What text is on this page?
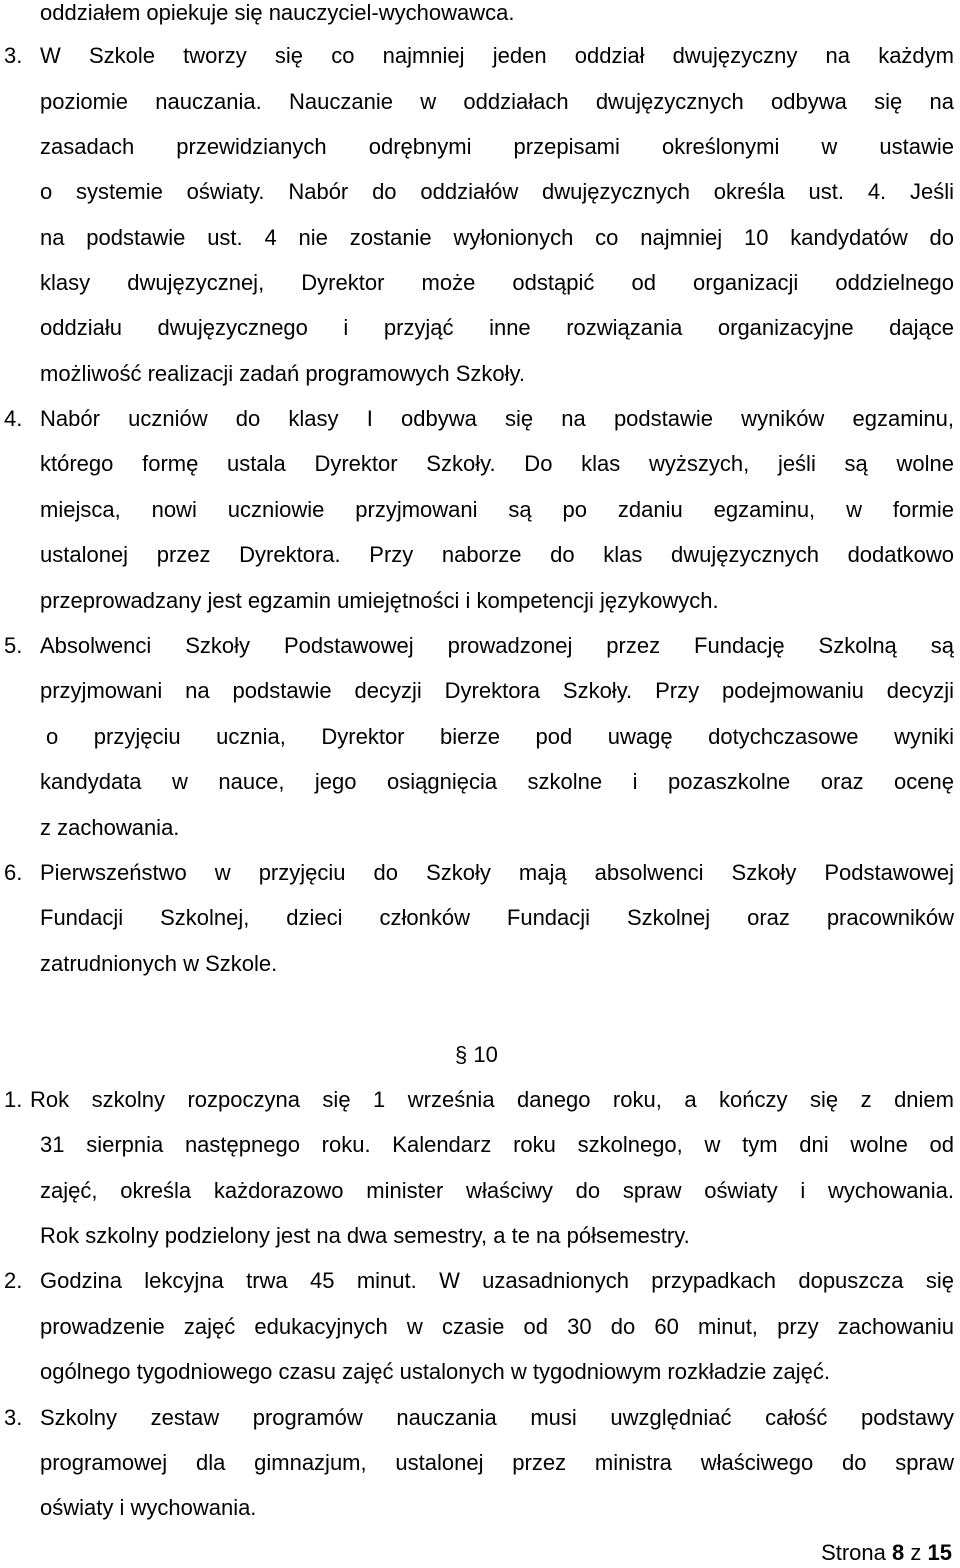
oddziałem opiekuje się nauczyciel-wychowawca.
3. W Szkole tworzy się co najmniej jeden oddział dwujęzyczny na każdym
poziomie nauczania. Nauczanie w oddziałach dwujęzycznych odbywa się na
zasadach przewidzianych odrębnymi przepisami określonymi w ustawie
o systemie oświaty. Nabór do oddziałów dwujęzycznych określa ust. 4. Jeśli
na podstawie ust. 4 nie zostanie wyłonionych co najmniej 10 kandydatów do
klasy dwujęzycznej, Dyrektor może odstąpić od organizacji oddzielnego
oddziału dwujęzycznego i przyjąć inne rozwiązania organizacyjne dające
możliwość realizacji zadań programowych Szkoły.
4. Nabór uczniów do klasy I odbywa się na podstawie wyników egzaminu,
którego formę ustala Dyrektor Szkoły. Do klas wyższych, jeśli są wolne
miejsca, nowi uczniowie przyjmowani są po zdaniu egzaminu, w formie
ustalonej przez Dyrektora. Przy naborze do klas dwujęzycznych dodatkowo
przeprowadzany jest egzamin umiejętności i kompetencji językowych.
5. Absolwenci Szkoły Podstawowej prowadzonej przez Fundację Szkolną są
przyjmowani na podstawie decyzji Dyrektora Szkoły. Przy podejmowaniu decyzji
o przyjęciu ucznia, Dyrektor bierze pod uwagę dotychczasowe wyniki
kandydata w nauce, jego osiągnięcia szkolne i pozaszkolne oraz ocenę
z zachowania.
6. Pierwszeństwo w przyjęciu do Szkoły mają absolwenci Szkoły Podstawowej
Fundacji Szkolnej, dzieci członków Fundacji Szkolnej oraz pracowników
zatrudnionych w Szkole.
§ 10
1. Rok szkolny rozpoczyna się 1 września danego roku, a kończy się z dniem
31 sierpnia następnego roku. Kalendarz roku szkolnego, w tym dni wolne od
zajęć, określa każdorazowo minister właściwy do spraw oświaty i wychowania.
Rok szkolny podzielony jest na dwa semestry, a te na półsemestry.
2. Godzina lekcyjna trwa 45 minut. W uzasadnionych przypadkach dopuszcza się
prowadzenie zajęć edukacyjnych w czasie od 30 do 60 minut, przy zachowaniu
ogólnego tygodniowego czasu zajęć ustalonych w tygodniowym rozkładzie zajęć.
3. Szkolny zestaw programów nauczania musi uwzględniać całość podstawy
programowej dla gimnazjum, ustalonej przez ministra właściwego do spraw
oświaty i wychowania.
Strona 8 z 15
